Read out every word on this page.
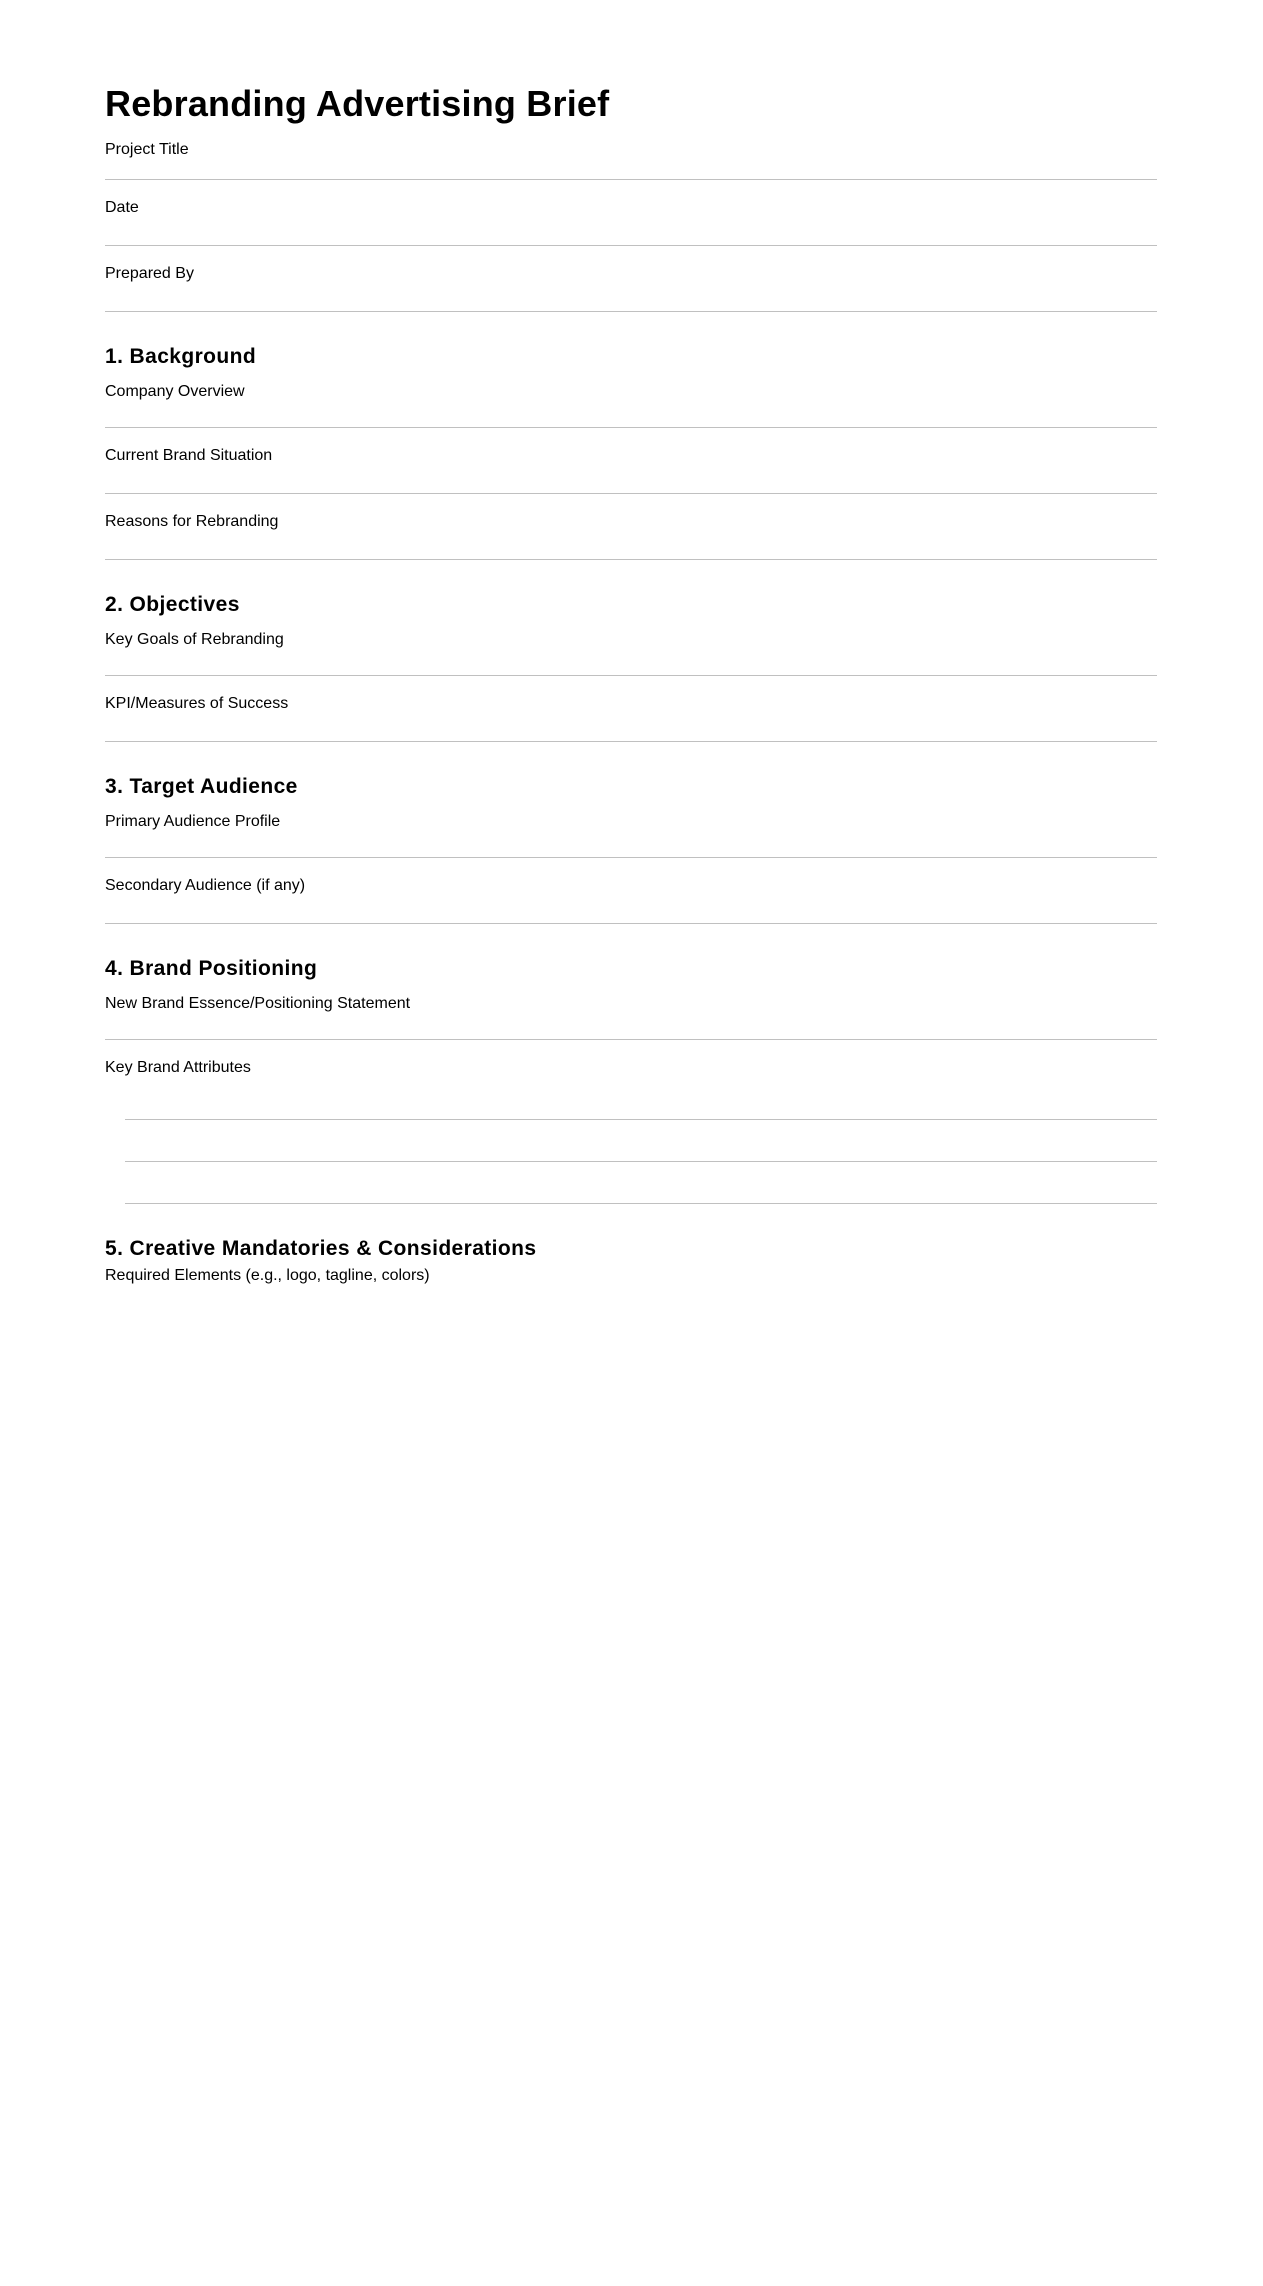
Rebranding Advertising Brief
Project Title
Date
Prepared By
1. Background
Company Overview
Current Brand Situation
Reasons for Rebranding
2. Objectives
Key Goals of Rebranding
KPI/Measures of Success
3. Target Audience
Primary Audience Profile
Secondary Audience (if any)
4. Brand Positioning
New Brand Essence/Positioning Statement
Key Brand Attributes
5. Creative Mandatories & Considerations
Required Elements (e.g., logo, tagline, colors)
